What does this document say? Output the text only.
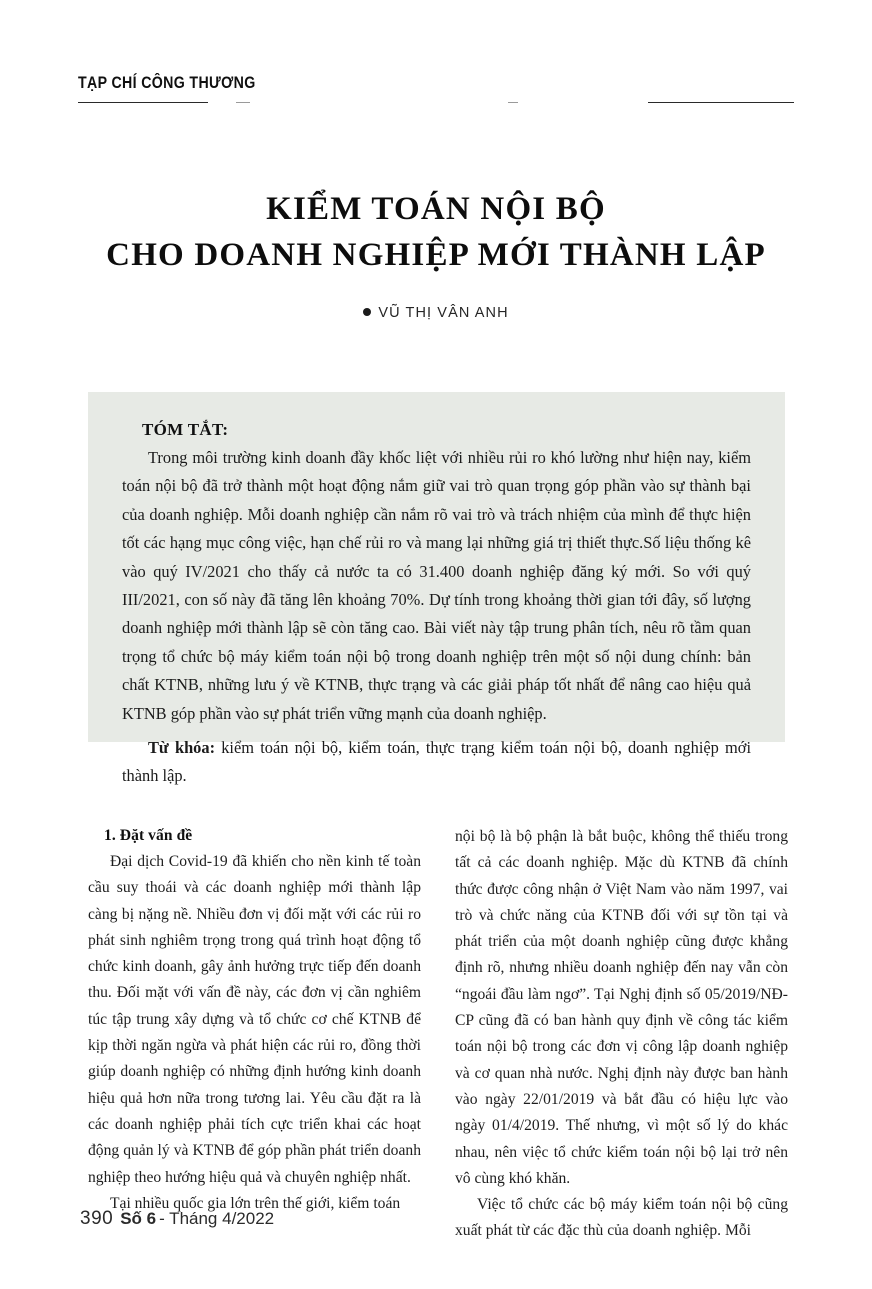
TẠP CHÍ CÔNG THƯƠNG
KIỂM TOÁN NỘI BỘ
CHO DOANH NGHIỆP MỚI THÀNH LẬP
VŨ THỊ VÂN ANH
TÓM TẮT:

Trong môi trường kinh doanh đầy khốc liệt với nhiều rủi ro khó lường như hiện nay, kiểm toán nội bộ đã trở thành một hoạt động nắm giữ vai trò quan trọng góp phần vào sự thành bại của doanh nghiệp. Mỗi doanh nghiệp cần nắm rõ vai trò và trách nhiệm của mình để thực hiện tốt các hạng mục công việc, hạn chế rủi ro và mang lại những giá trị thiết thực.Số liệu thống kê vào quý IV/2021 cho thấy cả nước ta có 31.400 doanh nghiệp đăng ký mới. So với quý III/2021, con số này đã tăng lên khoảng 70%. Dự tính trong khoảng thời gian tới đây, số lượng doanh nghiệp mới thành lập sẽ còn tăng cao. Bài viết này tập trung phân tích, nêu rõ tầm quan trọng tổ chức bộ máy kiểm toán nội bộ trong doanh nghiệp trên một số nội dung chính: bản chất KTNB, những lưu ý về KTNB, thực trạng và các giải pháp tốt nhất để nâng cao hiệu quả KTNB góp phần vào sự phát triển vững mạnh của doanh nghiệp.

Từ khóa: kiểm toán nội bộ, kiểm toán, thực trạng kiểm toán nội bộ, doanh nghiệp mới thành lập.

1. Đặt vấn đề

Đại dịch Covid-19 đã khiến cho nền kinh tế toàn cầu suy thoái và các doanh nghiệp mới thành lập càng bị nặng nề. Nhiều đơn vị đối mặt với các rủi ro phát sinh nghiêm trọng trong quá trình hoạt động tổ chức kinh doanh, gây ảnh hưởng trực tiếp đến doanh thu. Đối mặt với vấn đề này, các đơn vị cần nghiêm túc tập trung xây dựng và tổ chức cơ chế KTNB để kịp thời ngăn ngừa và phát hiện các rủi ro, đồng thời giúp doanh nghiệp có những định hướng kinh doanh hiệu quả hơn nữa trong tương lai. Yêu cầu đặt ra là các doanh nghiệp phải tích cực triển khai các hoạt động quản lý và KTNB để góp phần phát triển doanh nghiệp theo hướng hiệu quả và chuyên nghiệp nhất.

Tại nhiều quốc gia lớn trên thế giới, kiểm toán

nội bộ là bộ phận là bắt buộc, không thể thiếu trong tất cả các doanh nghiệp. Mặc dù KTNB đã chính thức được công nhận ở Việt Nam vào năm 1997, vai trò và chức năng của KTNB đối với sự tồn tại và phát triển của một doanh nghiệp cũng được khẳng định rõ, nhưng nhiều doanh nghiệp đến nay vẫn còn “ngoái đầu làm ngơ”. Tại Nghị định số 05/2019/NĐ-CP cũng đã có ban hành quy định về công tác kiểm toán nội bộ trong các đơn vị công lập doanh nghiệp và cơ quan nhà nước. Nghị định này được ban hành vào ngày 22/01/2019 và bắt đầu có hiệu lực vào ngày 01/4/2019. Thế nhưng, vì một số lý do khác nhau, nên việc tổ chức kiểm toán nội bộ lại trở nên vô cùng khó khăn.

Việc tổ chức các bộ máy kiểm toán nội bộ cũng xuất phát từ các đặc thù của doanh nghiệp. Mỗi

390 Số 6 - Tháng 4/2022
